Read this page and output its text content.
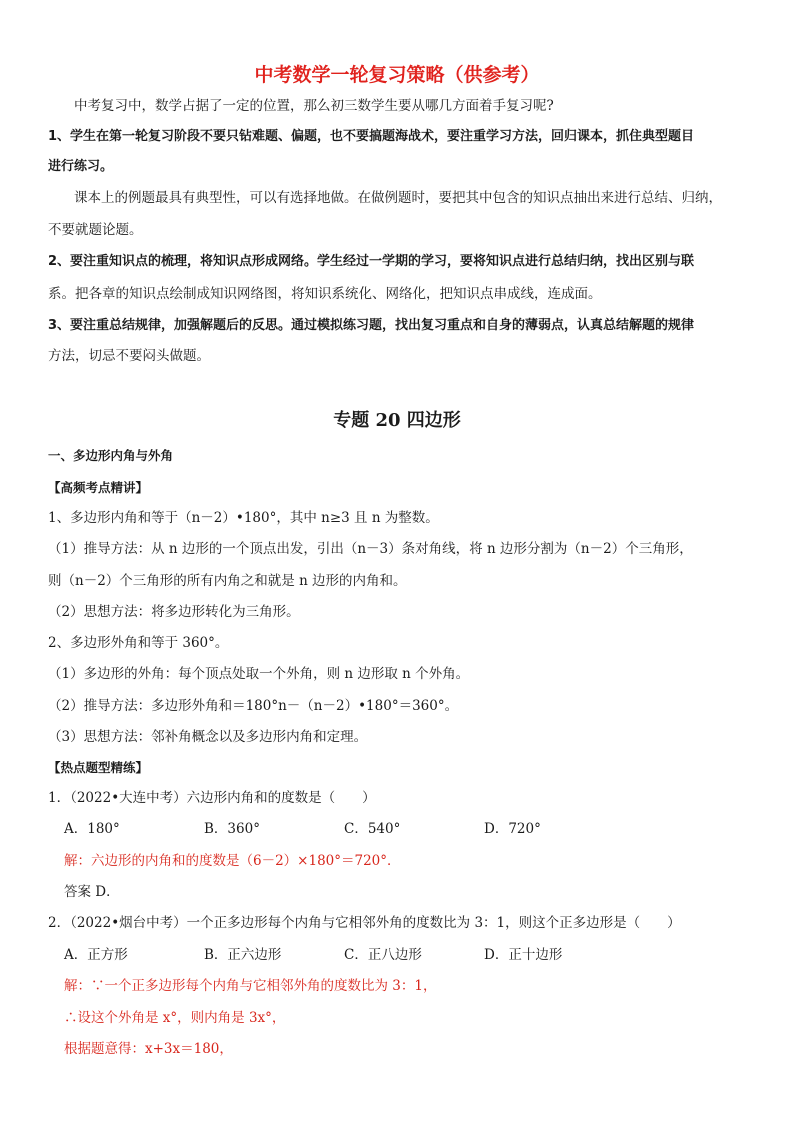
中考数学一轮复习策略（供参考）
中考复习中，数学占据了一定的位置，那么初三数学生要从哪几方面着手复习呢?
1、学生在第一轮复习阶段不要只钻难题、偏题，也不要搞题海战术，要注重学习方法，回归课本，抓住典型题目
进行练习。
课本上的例题最具有典型性，可以有选择地做。在做例题时，要把其中包含的知识点抽出来进行总结、归纳，
不要就题论题。
2、要注重知识点的梳理，将知识点形成网络。学生经过一学期的学习，要将知识点进行总结归纳，找出区别与联
系。把各章的知识点绘制成知识网络图，将知识系统化、网络化，把知识点串成线，连成面。
3、要注重总结规律，加强解题后的反思。通过模拟练习题，找出复习重点和自身的薄弱点，认真总结解题的规律
方法，切忌不要闷头做题。
专题 20 四边形
一、多边形内角与外角
【高频考点精讲】
1、多边形内角和等于（n－2）•180°，其中 n≥3 且 n 为整数。
（1）推导方法：从 n 边形的一个顶点出发，引出（n－3）条对角线，将 n 边形分割为（n－2）个三角形，
则（n－2）个三角形的所有内角之和就是 n 边形的内角和。
（2）思想方法：将多边形转化为三角形。
2、多边形外角和等于 360°。
（1）多边形的外角：每个顶点处取一个外角，则 n 边形取 n 个外角。
（2）推导方法：多边形外角和＝180°n－（n－2）•180°＝360°。
（3）思想方法：邻补角概念以及多边形内角和定理。
【热点题型精练】
1．（2022•大连中考）六边形内角和的度数是（　　）
A．180°	B．360°	C．540°	D．720°
解：六边形的内角和的度数是（6－2）×180°＝720°．
答案 D．
2．（2022•烟台中考）一个正多边形每个内角与它相邻外角的度数比为 3：1，则这个正多边形是（　　）
A．正方形	B．正六边形	C．正八边形	D．正十边形
解：∵一个正多边形每个内角与它相邻外角的度数比为 3：1，
∴设这个外角是 x°，则内角是 3x°，
根据题意得：x+3x＝180，
